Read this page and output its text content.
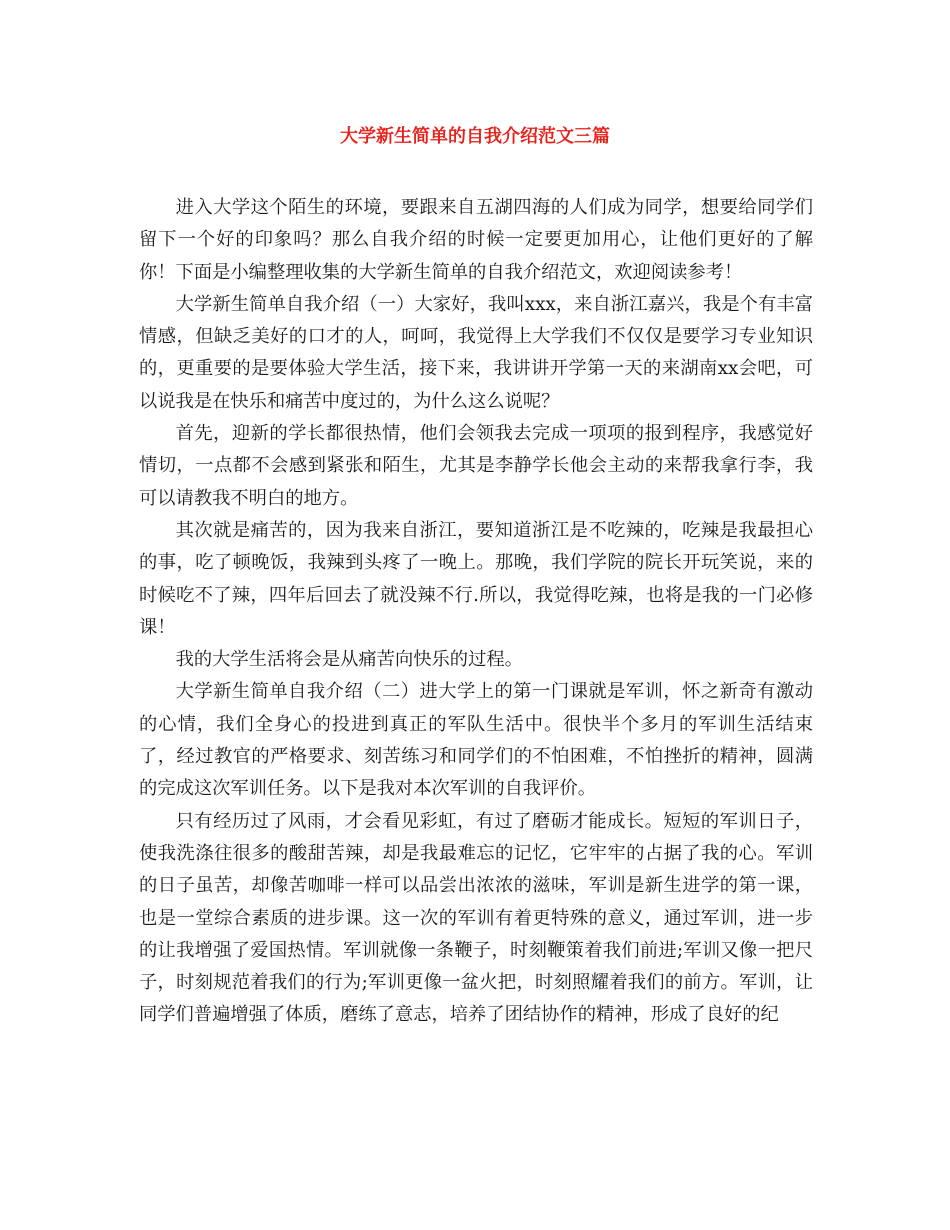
大学新生简单的自我介绍范文三篇

进入大学这个陌生的环境，要跟来自五湖四海的人们成为同学，想要给同学们留下一个好的印象吗？那么自我介绍的时候一定要更加用心，让他们更好的了解你！下面是小编整理收集的大学新生简单的自我介绍范文，欢迎阅读参考！

大学新生简单自我介绍（一）大家好，我叫xxx，来自浙江嘉兴，我是个有丰富情感，但缺乏美好的口才的人，呵呵，我觉得上大学我们不仅仅是要学习专业知识的，更重要的是要体验大学生活，接下来，我讲讲开学第一天的来湖南xx会吧，可以说我是在快乐和痛苦中度过的，为什么这么说呢？

首先，迎新的学长都很热情，他们会领我去完成一项项的报到程序，我感觉好情切，一点都不会感到紧张和陌生，尤其是李静学长他会主动的来帮我拿行李，我可以请教我不明白的地方。

其次就是痛苦的，因为我来自浙江，要知道浙江是不吃辣的，吃辣是我最担心的事，吃了顿晚饭，我辣到头疼了一晚上。那晚，我们学院的院长开玩笑说，来的时候吃不了辣，四年后回去了就没辣不行.所以，我觉得吃辣，也将是我的一门必修课！

我的大学生活将会是从痛苦向快乐的过程。

大学新生简单自我介绍（二）进大学上的第一门课就是军训，怀之新奇有激动的心情，我们全身心的投进到真正的军队生活中。很快半个多月的军训生活结束了，经过教官的严格要求、刻苦练习和同学们的不怕困难，不怕挫折的精神，圆满的完成这次军训任务。以下是我对本次军训的自我评价。

只有经历过了风雨，才会看见彩虹，有过了磨砺才能成长。短短的军训日子，使我洗涤往很多的酸甜苦辣，却是我最难忘的记忆，它牢牢的占据了我的心。军训的日子虽苦，却像苦咖啡一样可以品尝出浓浓的滋味，军训是新生进学的第一课，也是一堂综合素质的进步课。这一次的军训有着更特殊的意义，通过军训，进一步的让我增强了爱国热情。军训就像一条鞭子，时刻鞭策着我们前进;军训又像一把尺子，时刻规范着我们的行为;军训更像一盆火把，时刻照耀着我们的前方。军训，让同学们普遍增强了体质，磨练了意志，培养了团结协作的精神，形成了良好的纪
